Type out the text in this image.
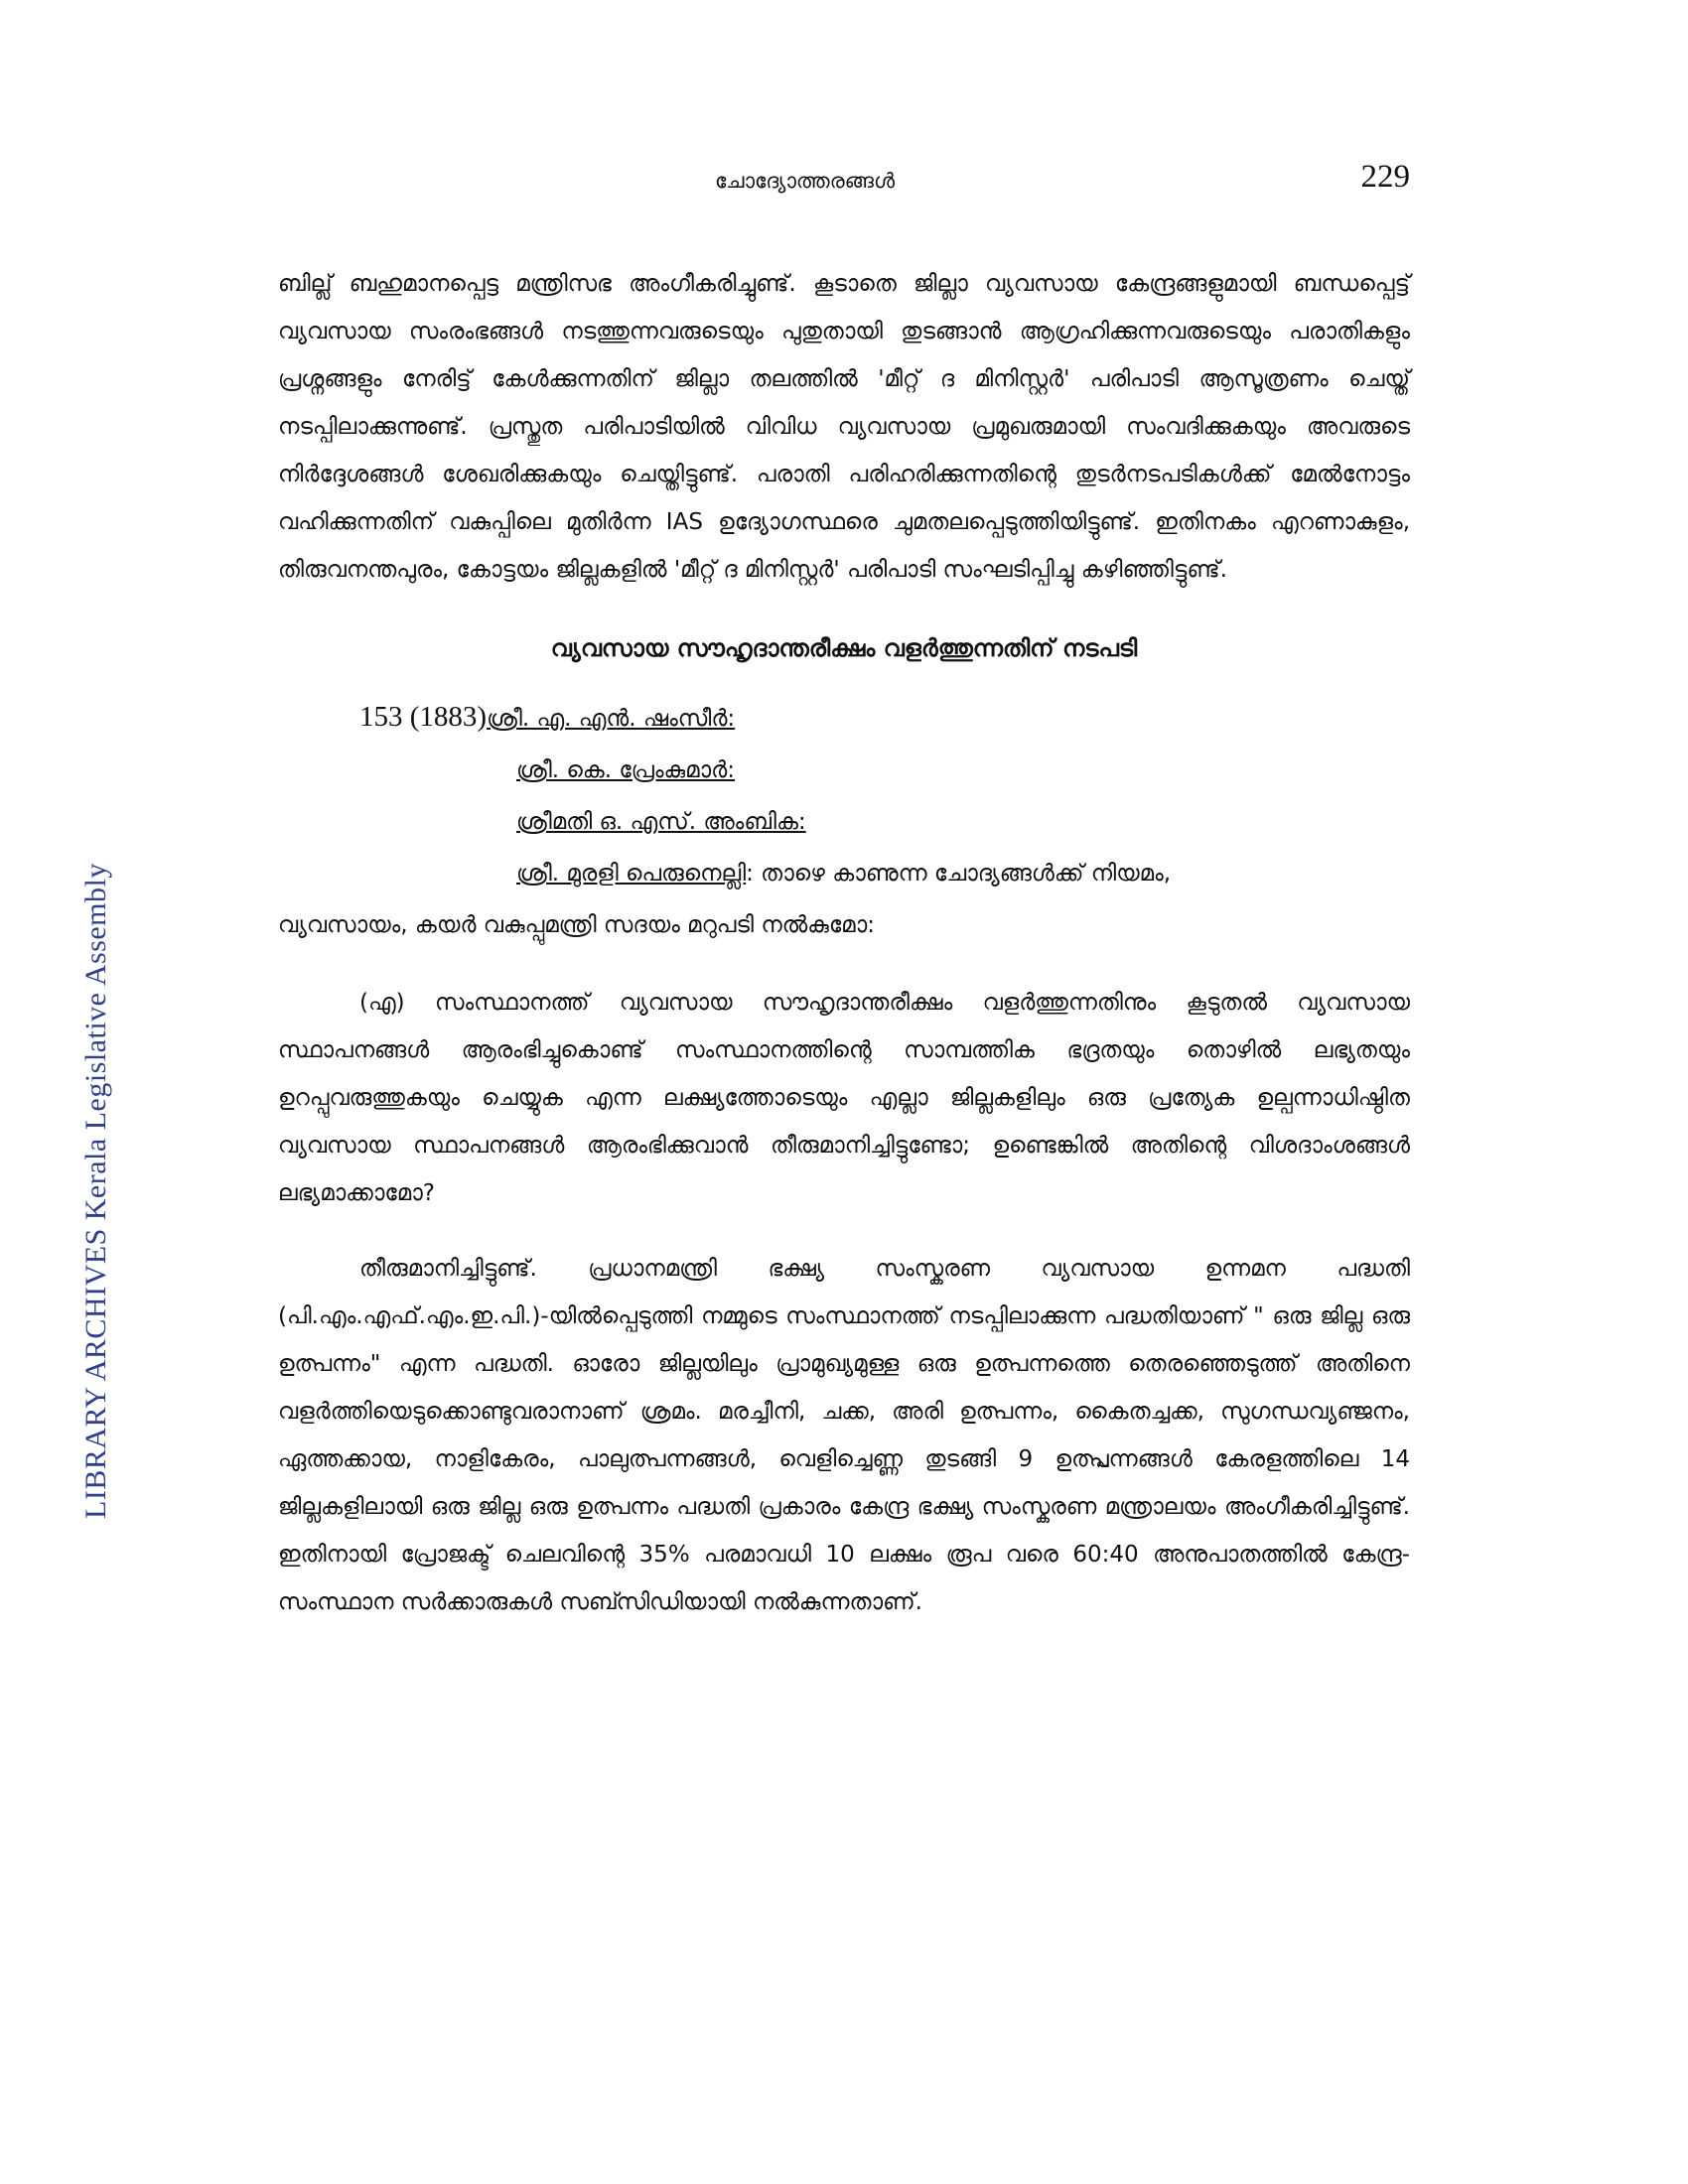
LIBRARY ARCHIVES Kerala Legislative Assembly
ചോദ്യോത്തരങ്ങൾ	229

ബില്ല് ബഹുമാനപ്പെട്ട മന്ത്രിസഭ അംഗീകരിച്ചുണ്ട്. കൂടാതെ ജില്ലാ വ്യവസായ കേന്ദ്രങ്ങളുമായി ബന്ധപ്പെട്ട് വ്യവസായ സംരംഭങ്ങൾ നടത്തുന്നവരുടെയും പുതുതായി തുടങ്ങാൻ ആഗ്രഹിക്കുന്നവരുടെയും പരാതികളും പ്രശ്നങ്ങളും നേരിട്ട് കേൾക്കുന്നതിന് ജില്ലാ തലത്തിൽ 'മീറ്റ് ദ മിനിസ്റ്റർ' പരിപാടി ആസൂത്രണം ചെയ്ത് നടപ്പിലാക്കുന്നുണ്ട്. പ്രസ്തുത പരിപാടിയിൽ വിവിധ വ്യവസായ പ്രമുഖരുമായി സംവദിക്കുകയും അവരുടെ നിർദ്ദേശങ്ങൾ ശേഖരിക്കുകയും ചെയ്തിട്ടുണ്ട്. പരാതി പരിഹരിക്കുന്നതിന്റെ തുടർനടപടികൾക്ക് മേൽനോട്ടം വഹിക്കുന്നതിന് വകുപ്പിലെ മുതിർന്ന IAS ഉദ്യോഗസ്ഥരെ ചുമതലപ്പെടുത്തിയിട്ടുണ്ട്. ഇതിനകം എറണാകുളം, തിരുവനന്തപുരം, കോട്ടയം ജില്ലകളിൽ 'മീറ്റ് ദ മിനിസ്റ്റർ' പരിപാടി സംഘടിപ്പിച്ചു കഴിഞ്ഞിട്ടുണ്ട്.

വ്യവസായ സൗഹൃദാന്തരീക്ഷം വളർത്തുന്നതിന് നടപടി

153 (1883)ശ്രീ. എ. എൻ. ഷംസീർ:

ശ്രീ. കെ. പ്രേംകുമാർ:

ശ്രീമതി ഒ. എസ്. അംബിക:

ശ്രീ. മുരളി പെരുനെല്ലി: താഴെ കാണുന്ന ചോദ്യങ്ങൾക്ക് നിയമം,

വ്യവസായം, കയർ വകുപ്പുമന്ത്രി സദയം മറുപടി നൽകുമോ:

(എ) സംസ്ഥാനത്ത് വ്യവസായ സൗഹൃദാന്തരീക്ഷം വളർത്തുന്നതിനും കൂടുതൽ വ്യവസായ സ്ഥാപനങ്ങൾ ആരംഭിച്ചുകൊണ്ട് സംസ്ഥാനത്തിന്റെ സാമ്പത്തിക ഭദ്രതയും തൊഴിൽ ലഭ്യതയും ഉറപ്പുവരുത്തുകയും ചെയ്യുക എന്ന ലക്ഷ്യത്തോടെയും എല്ലാ ജില്ലകളിലും ഒരു പ്രത്യേക ഉല്പന്നാധിഷ്ഠിത വ്യവസായ സ്ഥാപനങ്ങൾ ആരംഭിക്കുവാൻ തീരുമാനിച്ചിട്ടുണ്ടോ; ഉണ്ടെങ്കിൽ അതിന്റെ വിശദാംശങ്ങൾ ലഭ്യമാക്കാമോ?

തീരുമാനിച്ചിട്ടുണ്ട്. പ്രധാനമന്ത്രി ഭക്ഷ്യ സംസ്കരണ വ്യവസായ ഉന്നമന പദ്ധതി (പി.എം.എഫ്.എം.ഇ.പി.)-യിൽപ്പെടുത്തി നമ്മുടെ സംസ്ഥാനത്ത് നടപ്പിലാക്കുന്ന പദ്ധതിയാണ് " ഒരു ജില്ല ഒരു ഉത്പന്നം" എന്ന പദ്ധതി. ഓരോ ജില്ലയിലും പ്രാമുഖ്യമുള്ള ഒരു ഉത്പന്നത്തെ തെരഞ്ഞെടുത്ത് അതിനെ വളർത്തിയെടുക്കൊണ്ടുവരാനാണ് ശ്രമം. മരച്ചീനി, ചക്ക, അരി ഉത്പന്നം, കൈതച്ചക്ക, സുഗന്ധവ്യഞ്ജനം, ഏത്തക്കായ, നാളികേരം, പാലുത്പന്നങ്ങൾ, വെളിച്ചെണ്ണ തുടങ്ങി 9 ഉത്പ്പന്നങ്ങൾ കേരളത്തിലെ 14 ജില്ലകളിലായി ഒരു ജില്ല ഒരു ഉത്പന്നം പദ്ധതി പ്രകാരം കേന്ദ്ര ഭക്ഷ്യ സംസ്കരണ മന്ത്രാലയം അംഗീകരിച്ചിട്ടുണ്ട്. ഇതിനായി പ്രോജക്ട് ചെലവിന്റെ 35% പരമാവധി 10 ലക്ഷം രൂപ വരെ 60:40 അനുപാതത്തിൽ കേന്ദ്ര-സംസ്ഥാന സർക്കാരുകൾ സബ്സിഡിയായി നൽകുന്നതാണ്.
